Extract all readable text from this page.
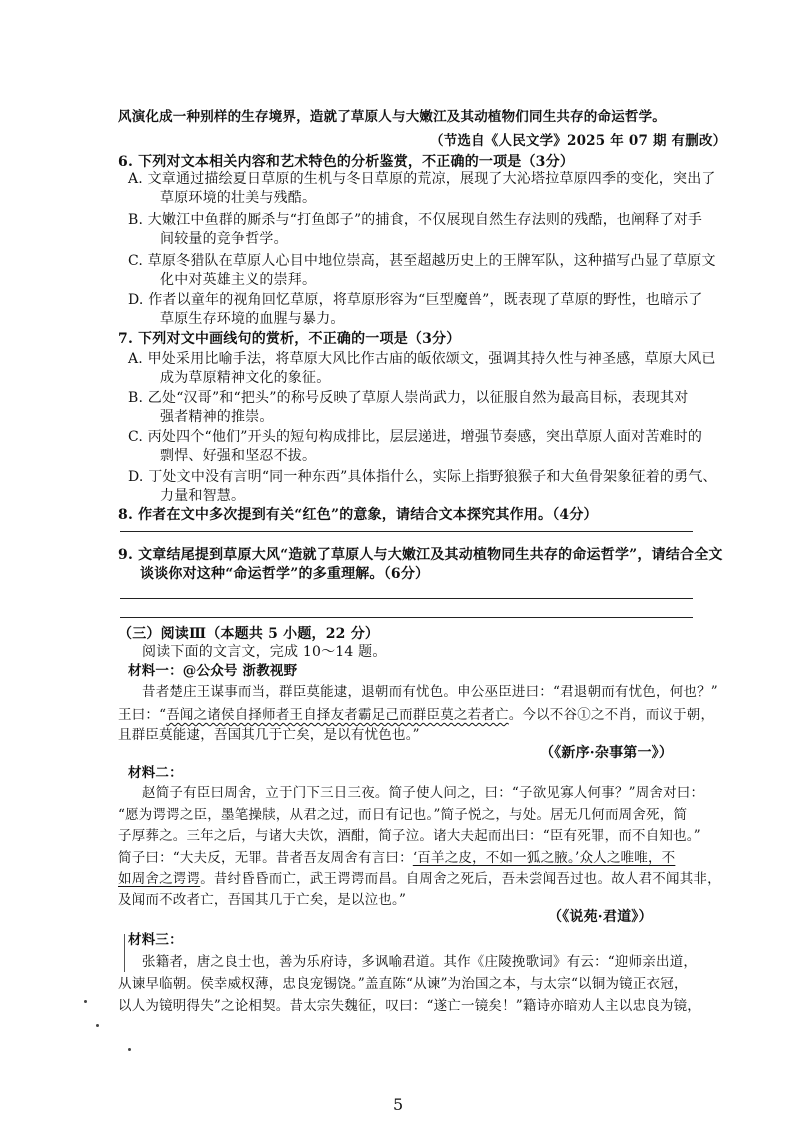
风演化成一种别样的生存境界，造就了草原人与大嫩江及其动植物们同生共存的命运哲学。
（节选自《人民文学》2025 年 07 期 有删改）
6. 下列对文本相关内容和艺术特色的分析鉴赏，不正确的一项是（3分）
A. 文章通过描绘夏日草原的生机与冬日草原的荒凉，展现了大沁塔拉草原四季的变化，突出了
草原环境的壮美与残酷。
B. 大嫩江中鱼群的厮杀与“打鱼郎子”的捕食，不仅展现自然生存法则的残酷，也阐释了对手
间较量的竞争哲学。
C. 草原冬猎队在草原人心目中地位崇高，甚至超越历史上的王牌军队，这种描写凸显了草原文
化中对英雄主义的崇拜。
D. 作者以童年的视角回忆草原，将草原形容为“巨型魔兽”，既表现了草原的野性，也暗示了
草原生存环境的血腥与暴力。
7. 下列对文中画线句的赏析，不正确的一项是（3分）
A. 甲处采用比喻手法，将草原大风比作古庙的皈依颂文，强调其持久性与神圣感，草原大风已
成为草原精神文化的象征。
B. 乙处“汉哥”和“把头”的称号反映了草原人崇尚武力，以征服自然为最高目标，表现其对
强者精神的推崇。
C. 丙处四个“他们”开头的短句构成排比，层层递进，增强节奏感，突出草原人面对苦难时的
剽悍、好强和坚忍不拔。
D. 丁处文中没有言明“同一种东西”具体指什么，实际上指野狼猴子和大鱼骨架象征着的勇气、
力量和智慧。
8. 作者在文中多次提到有关“红色”的意象，请结合文本探究其作用。（4分）
9. 文章结尾提到草原大风“造就了草原人与大嫩江及其动植物同生共存的命运哲学”，请结合全文
谈谈你对这种“命运哲学”的多重理解。（6分）
（三）阅读Ⅲ（本题共 5 小题，22 分）
阅读下面的文言文，完成 10～14 题。
材料一：@公众号 浙教视野
昔者楚庄王谋事而当，群臣莫能逮，退朝而有忧色。申公巫臣进曰：“君退朝而有忧色，何也？”
王曰：“吾闻之诸侯自择师者王自择友者霸足己而群臣莫之若者亡。今以不谷①之不肖，而议于朝，
且群臣莫能逮，吾国其几于亡矣，是以有忧色也。”
（《新序·杂事第一》）
材料二：
赵简子有臣曰周舍，立于门下三日三夜。简子使人问之，曰：“子欲见寡人何事？”周舍对曰：
“愿为谔谔之臣，墨笔操牍，从君之过，而日有记也。”简子悦之，与处。居无几何而周舍死，简
子厚葬之。三年之后，与诸大夫饮，酒酣，简子泣。诸大夫起而出曰：“臣有死罪，而不自知也。”
简子曰：“大夫反，无罪。昔者吾友周舍有言曰：‘百羊之皮，不如一狐之腋。’众人之唯唯，不
如周舍之谔谔。昔纣昏昏而亡，武王谔谔而昌。自周舍之死后，吾未尝闻吾过也。故人君不闻其非，
及闻而不改者亡，吾国其几于亡矣，是以泣也。”
（《说苑·君道》）
材料三：
张籍者，唐之良士也，善为乐府诗，多讽喻君道。其作《庄陵挽歌词》有云：“迎师亲出道，
从谏早临朝。侯幸威权薄，忠良宠锡饶。”盖直陈“从谏”为治国之本，与太宗“以铜为镜正衣冠，
以人为镜明得失”之论相契。昔太宗失魏征，叹曰：“遂亡一镜矣！”籍诗亦暗劝人主以忠良为镜，
5
